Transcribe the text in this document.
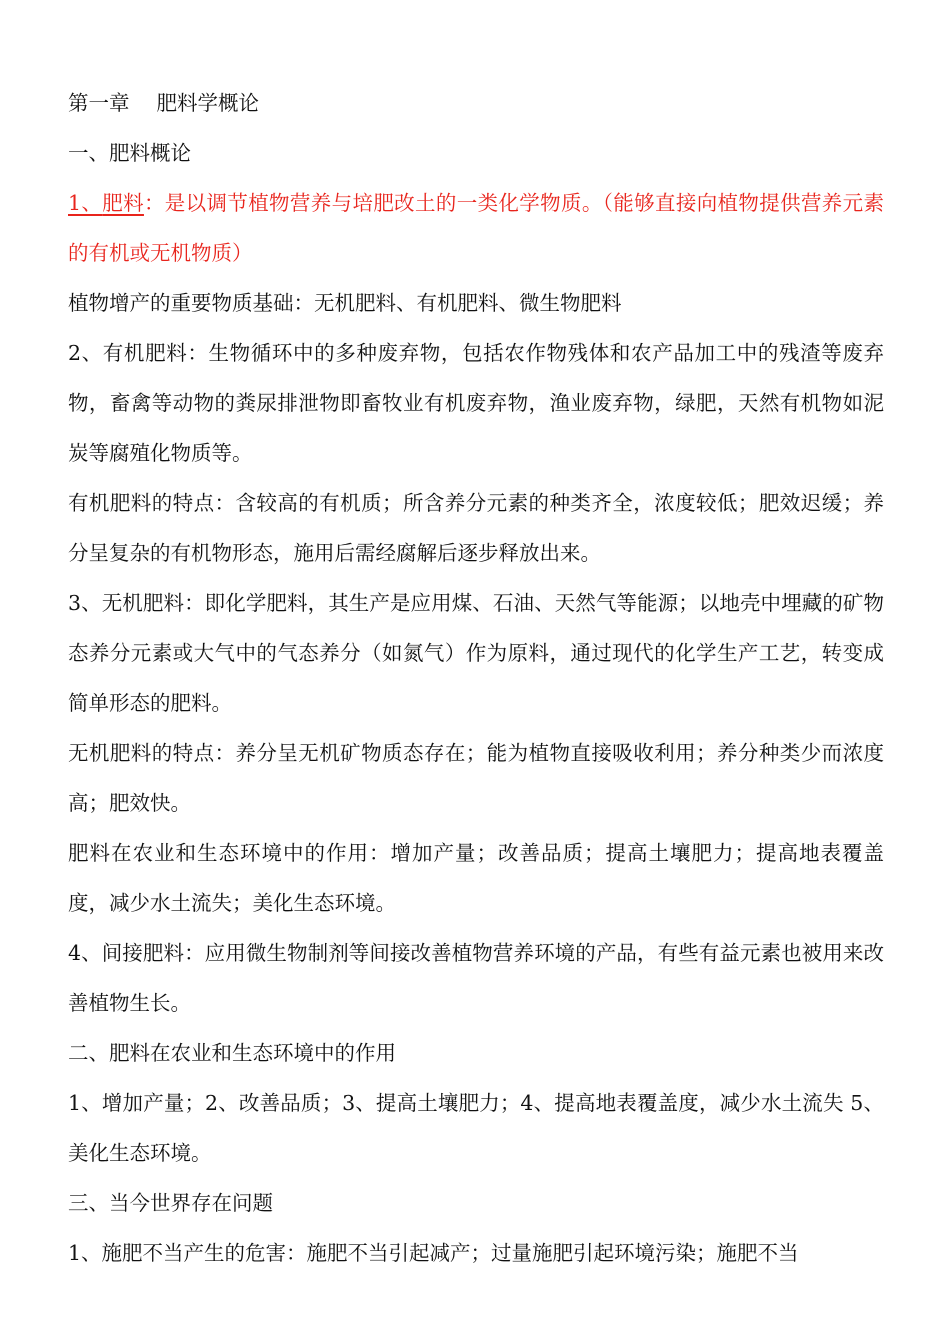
第一章　 肥料学概论

一、肥料概论

1、肥料：是以调节植物营养与培肥改土的一类化学物质。（能够直接向植物提供营养元素的有机或无机物质）

植物增产的重要物质基础：无机肥料、有机肥料、微生物肥料

2、有机肥料：生物循环中的多种废弃物，包括农作物残体和农产品加工中的残渣等废弃物，畜禽等动物的粪尿排泄物即畜牧业有机废弃物，渔业废弃物，绿肥，天然有机物如泥炭等腐殖化物质等。

有机肥料的特点：含较高的有机质；所含养分元素的种类齐全，浓度较低；肥效迟缓；养分呈复杂的有机物形态，施用后需经腐解后逐步释放出来。

3、无机肥料：即化学肥料，其生产是应用煤、石油、天然气等能源；以地壳中埋藏的矿物态养分元素或大气中的气态养分（如氮气）作为原料，通过现代的化学生产工艺，转变成简单形态的肥料。

无机肥料的特点：养分呈无机矿物质态存在；能为植物直接吸收利用；养分种类少而浓度高；肥效快。

肥料在农业和生态环境中的作用：增加产量；改善品质；提高土壤肥力；提高地表覆盖度，减少水土流失；美化生态环境。

4、间接肥料：应用微生物制剂等间接改善植物营养环境的产品，有些有益元素也被用来改善植物生长。

二、肥料在农业和生态环境中的作用

1、增加产量；2、改善品质；3、提高土壤肥力；4、提高地表覆盖度，减少水土流失 5、美化生态环境。

三、当今世界存在问题

1、施肥不当产生的危害：施肥不当引起减产；过量施肥引起环境污染；施肥不当
